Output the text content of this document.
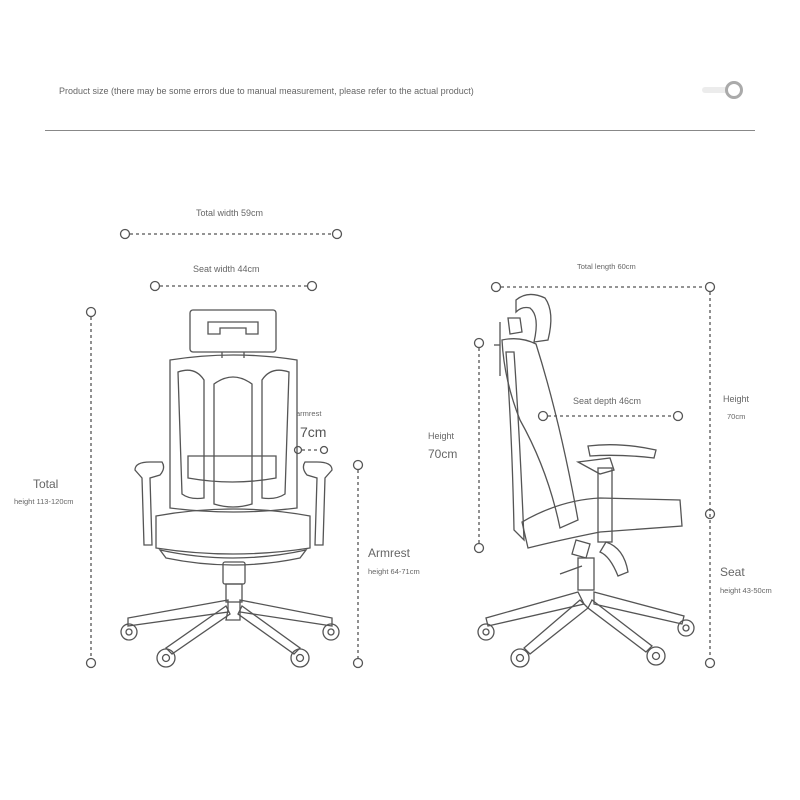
Product size (there may be some errors due to manual measurement, please refer to the actual product)
Total width 59cm
Seat width 44cm
Total
height 113-120cm
armrest
7cm
Armrest
height 64-71cm
Total length 60cm
Seat depth 46cm
Height
70cm
Height
70cm
Seat
height 43-50cm
